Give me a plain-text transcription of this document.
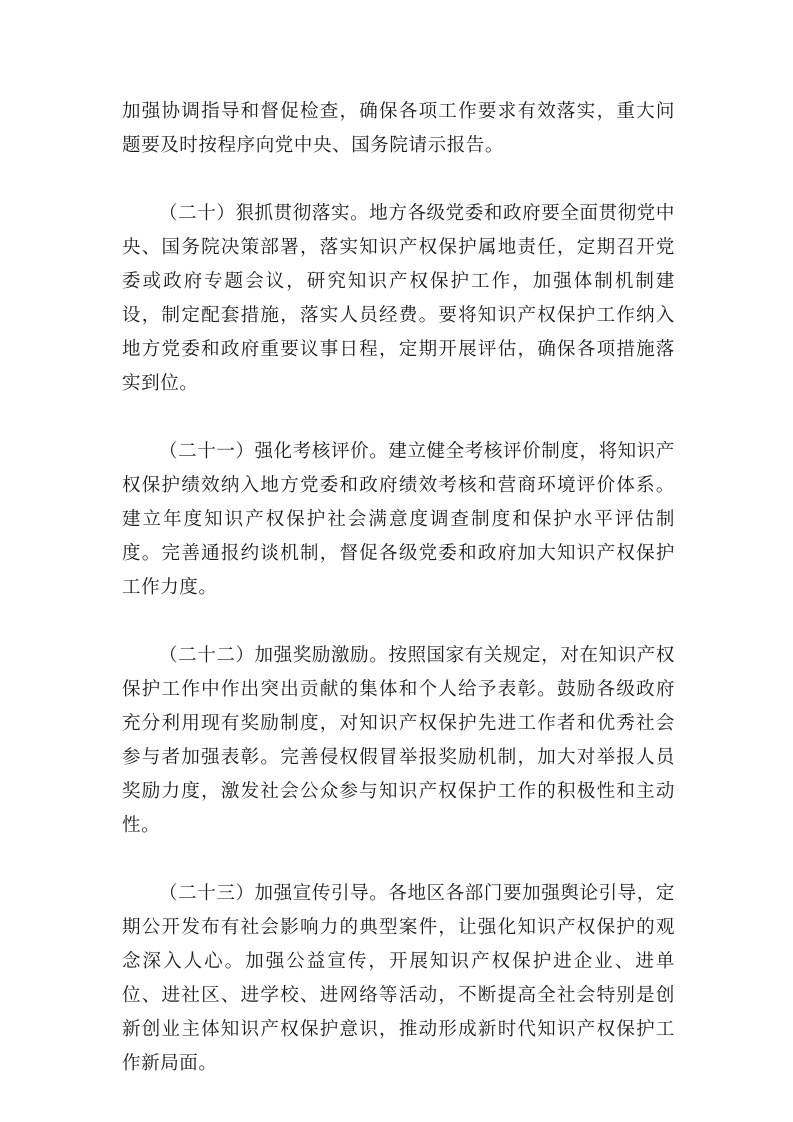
加强协调指导和督促检查，确保各项工作要求有效落实，重大问题要及时按程序向党中央、国务院请示报告。

（二十）狠抓贯彻落实。地方各级党委和政府要全面贯彻党中央、国务院决策部署，落实知识产权保护属地责任，定期召开党委或政府专题会议，研究知识产权保护工作，加强体制机制建设，制定配套措施，落实人员经费。要将知识产权保护工作纳入地方党委和政府重要议事日程，定期开展评估，确保各项措施落实到位。

（二十一）强化考核评价。建立健全考核评价制度，将知识产权保护绩效纳入地方党委和政府绩效考核和营商环境评价体系。建立年度知识产权保护社会满意度调查制度和保护水平评估制度。完善通报约谈机制，督促各级党委和政府加大知识产权保护工作力度。

（二十二）加强奖励激励。按照国家有关规定，对在知识产权保护工作中作出突出贡献的集体和个人给予表彰。鼓励各级政府充分利用现有奖励制度，对知识产权保护先进工作者和优秀社会参与者加强表彰。完善侵权假冒举报奖励机制，加大对举报人员奖励力度，激发社会公众参与知识产权保护工作的积极性和主动性。

（二十三）加强宣传引导。各地区各部门要加强舆论引导，定期公开发布有社会影响力的典型案件，让强化知识产权保护的观念深入人心。加强公益宣传，开展知识产权保护进企业、进单位、进社区、进学校、进网络等活动，不断提高全社会特别是创新创业主体知识产权保护意识，推动形成新时代知识产权保护工作新局面。
